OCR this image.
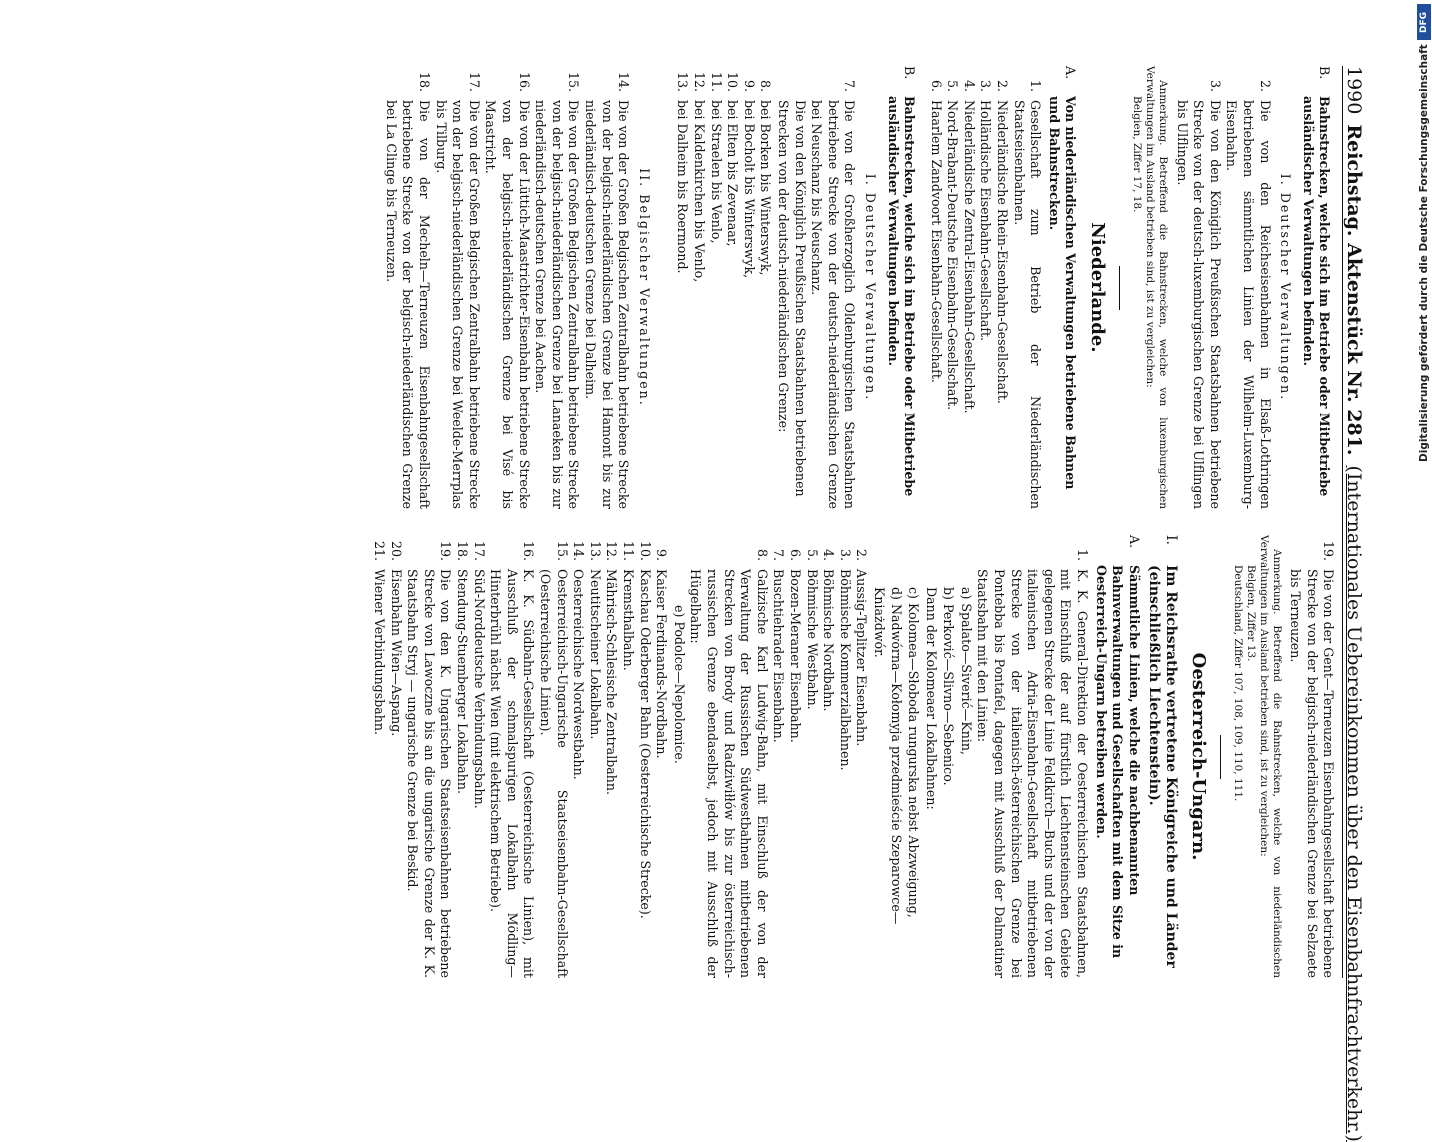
1990
Reichstag. Aktenstück Nr. 281.
(Internationales Uebereinkommen über den Eisenbahnfrachtverkehr.)
B.
Bahnstrecken, welche sich im Betriebe oder Mitbetriebe ausländischer Verwaltungen befinden.
I. Deutscher Verwaltungen.
2.
Die von den Reichseisenbahnen in Elsaß-Lothringen betriebenen sämmtlichen Linien der Wilhelm-Luxemburg-Eisenbahn.
3.
Die von den Königlich Preußischen Staatsbahnen betriebene Strecke von der deutsch-luxemburgischen Grenze bei Ulflingen bis Ulflingen.
Anmerkung. Betreffend die Bahnstrecken, welche von luxemburgischen Verwaltungen im Ausland betrieben sind, ist zu vergleichen:
Belgien, Ziffer 17, 18.
Niederlande.
A.
Von niederländischen Verwaltungen betriebene Bahnen und Bahnstrecken.
1.
Gesellschaft zum Betrieb der Niederländischen Staatseisenbahnen.
2.
Niederländische Rhein-Eisenbahn-Gesellschaft.
3.
Holländische Eisenbahn-Gesellschaft.
4.
Niederländische Zentral-Eisenbahn-Gesellschaft.
5.
Nord-Brabant-Deutsche Eisenbahn-Gesellschaft.
6.
Haarlem Zandvoort Eisenbahn-Gesellschaft.
B.
Bahnstrecken, welche sich im Betriebe oder Mitbetriebe ausländischer Verwaltungen befinden.
I. Deutscher Verwaltungen.
7.
Die von der Großherzoglich Oldenburgischen Staatsbahnen betriebene Strecke von der deutsch-niederländischen Grenze bei Neuschanz bis Neuschanz.

Die von den Königlich Preußischen Staatsbahnen betriebenen Strecken von der deutsch-niederländischen Grenze:

8.
bei Borken bis Winterswyk,
9.
bei Bocholt bis Winterswyk,
10.
bei Elten bis Zevenaar,
11.
bei Straelen bis Venlo,
12.
bei Kaldenkirchen bis Venlo,
13.
bei Dalheim bis Roermond.
II. Belgischer Verwaltungen.
14.
Die von der Großen Belgischen Zentralbahn betriebene Strecke von der belgisch-niederländischen Grenze bei Hamont bis zur niederländisch-deutschen Grenze bei Dalheim.
15.
Die von der Großen Belgischen Zentralbahn betriebene Strecke von der belgisch-niederländischen Grenze bei Lanaeken bis zur niederländisch-deutschen Grenze bei Aachen.
16.
Die von der Lüttich-Maastrichter-Eisenbahn betriebene Strecke von der belgisch-niederländischen Grenze bei Visé bis Maastricht.
17.
Die von der Großen Belgischen Zentralbahn betriebene Strecke von der belgisch-niederländischen Grenze bei Weelde-Merrplas bis Tilburg.
18.
Die von der Mecheln—Terneuzen Eisenbahngesellschaft betriebene Strecke von der belgisch-niederländischen Grenze bei La Clinge bis Terneuzen.
19.
Die von der Gent—Terneuzen Eisenbahngesellschaft betriebene Strecke von der belgisch-niederländischen Grenze bei Selzaete bis Terneuzen.
Anmerkung. Betreffend die Bahnstrecken, welche von niederländischen Verwaltungen im Ausland betrieben sind, ist zu vergleichen:
Belgien, Ziffer 13.
Deutschland, Ziffer 107, 108, 109, 110, 111.
Oesterreich-Ungarn.
I.
Im Reichsrathe vertretene Königreiche und Länder (einschließlich Liechtenstein).
A.
Sämmtliche Linien, welche die nachbenannten Bahnverwaltungen und Gesellschaften mit dem Sitze in Oesterreich-Ungarn betreiben werden.
1.
K. K. General-Direktion der Oesterreichischen Staatsbahnen, mit Einschluß der auf fürstlich Liechtensteinschen Gebiete gelegenen Strecke der Linie Feldkirch—Buchs und der von der italienischen Adria-Eisenbahn-Gesellschaft mitbetriebenen Strecke von der italienisch-österreichischen Grenze bei Pontebba bis Pontafel, dagegen mit Ausschluß der Dalmatiner Staatsbahn mit den Linien:

a) Spalato—Siverić—Knin,

b) Perković—Slivno—Sebenico.

Dann der Kolomeaer Lokalbahnen:

c) Kolomea—Słoboda rungurska nebst Abzweigung,

d) Nadwórna—Kołomyja przedmieście Szeparowce—Kniażdwór.

2.
Aussig-Teplitzer Eisenbahn.
3.
Böhmische Kommerzialbahnen.
4.
Böhmische Nordbahn.
5.
Böhmische Westbahn.
6.
Bozen-Meraner Eisenbahn.
7.
Buschtiehrader Eisenbahn.
8.
Galizische Karl Ludwig-Bahn, mit Einschluß der von der Verwaltung der Russischen Südwestbahnen mitbetriebenen Strecken von Brody und Radziwiłłów bis zur österreichisch-russischen Grenze ebendaselbst, jedoch mit Ausschluß der Hügelbahn:

e) Podolce—Nepolomice.

9.
Kaiser Ferdinands-Nordbahn.
10.
Kaschau Oderberger Bahn (Oesterreichische Strecke).
11.
Kremsthalbahn.
12.
Mährisch-Schlesische Zentralbahn.
13.
Neutitscheiner Lokalbahn.
14.
Oesterreichische Nordwestbahn.
15.
Oesterreichisch-Ungarische Staatseisenbahn-Gesellschaft (Oesterreichische Linien).
16.
K. K. Südbahn-Gesellschaft (Oesterreichische Linien), mit Ausschluß der schmalspurigen Lokalbahn Mödling—Hinterbrühl nächst Wien (mit elektrischem Betriebe).
17.
Süd-Norddeutsche Verbindungsbahn.
18.
Stendung-Stuemberger Lokalbahn.
19.
Die von den K. Ungarischen Staatseisenbahnen betriebene Strecke von Lawoczne bis an die ungarische Grenze der K. K. Staatsbahn Stryj — ungarische Grenze bei Beskid.
20.
Eisenbahn Wien—Aspang.
21.
Wiener Verbindungsbahn.
DFG
Digitalisierung gefördert durch die Deutsche Forschungsgemeinschaft
